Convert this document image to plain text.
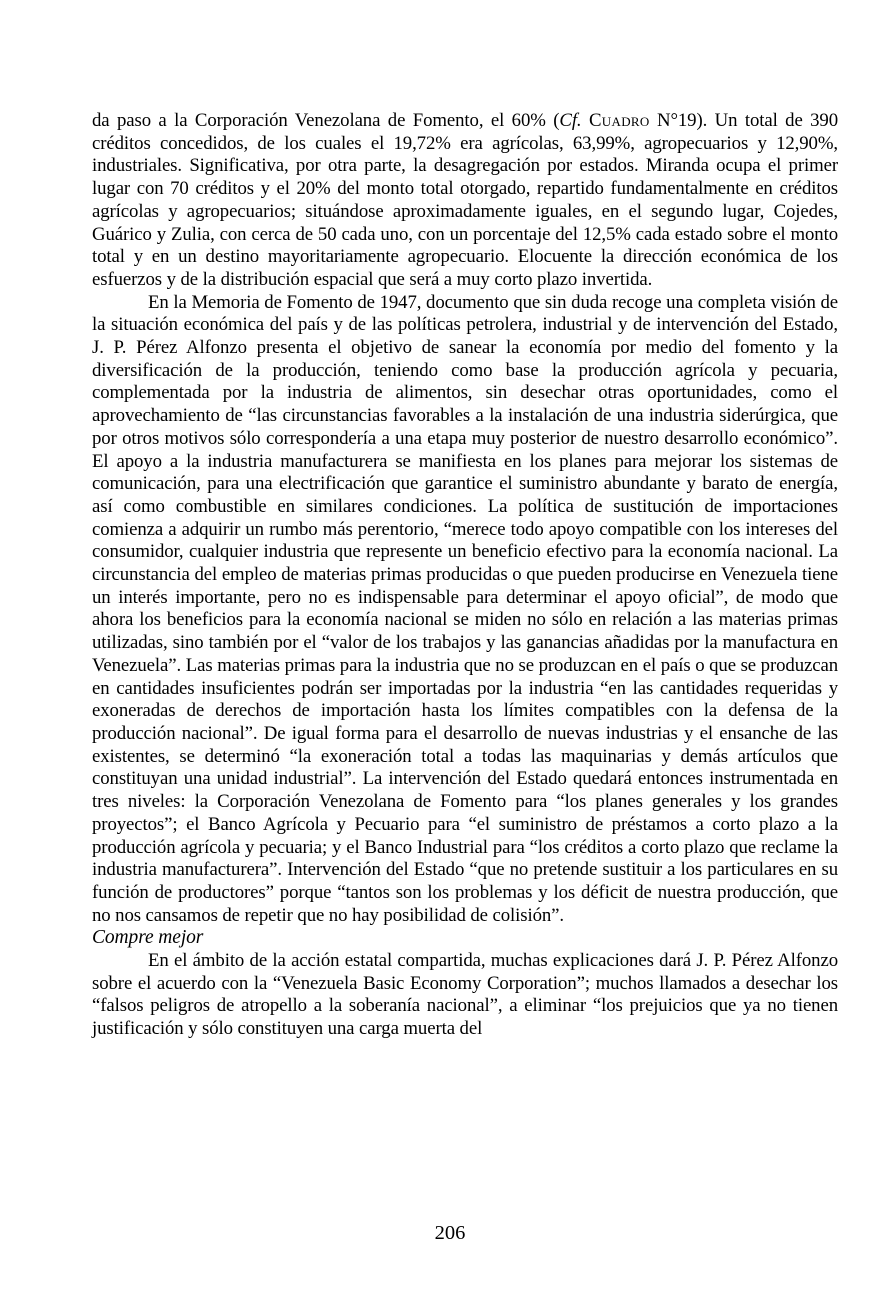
da paso a la Corporación Venezolana de Fomento, el 60% (Cf. Cuadro N°19). Un total de 390 créditos concedidos, de los cuales el 19,72% era agrícolas, 63,99%, agropecuarios y 12,90%, industriales. Significativa, por otra parte, la desagregación por estados. Miranda ocupa el primer lugar con 70 créditos y el 20% del monto total otorgado, repartido fundamentalmente en créditos agrícolas y agropecuarios; situándose aproximadamente iguales, en el segundo lugar, Cojedes, Guárico y Zulia, con cerca de 50 cada uno, con un porcentaje del 12,5% cada estado sobre el monto total y en un destino mayoritariamente agropecuario. Elocuente la dirección económica de los esfuerzos y de la distribución espacial que será a muy corto plazo invertida.

En la Memoria de Fomento de 1947, documento que sin duda recoge una completa visión de la situación económica del país y de las políticas petrolera, industrial y de intervención del Estado, J. P. Pérez Alfonzo presenta el objetivo de sanear la economía por medio del fomento y la diversificación de la producción, teniendo como base la producción agrícola y pecuaria, complementada por la industria de alimentos, sin desechar otras oportunidades, como el aprovechamiento de “las circunstancias favorables a la instalación de una industria siderúrgica, que por otros motivos sólo correspondería a una etapa muy posterior de nuestro desarrollo económico”. El apoyo a la industria manufacturera se manifiesta en los planes para mejorar los sistemas de comunicación, para una electrificación que garantice el suministro abundante y barato de energía, así como combustible en similares condiciones. La política de sustitución de importaciones comienza a adquirir un rumbo más perentorio, “merece todo apoyo compatible con los intereses del consumidor, cualquier industria que represente un beneficio efectivo para la economía nacional. La circunstancia del empleo de materias primas producidas o que pueden producirse en Venezuela tiene un interés importante, pero no es indispensable para determinar el apoyo oficial”, de modo que ahora los beneficios para la economía nacional se miden no sólo en relación a las materias primas utilizadas, sino también por el “valor de los trabajos y las ganancias añadidas por la manufactura en Venezuela”. Las materias primas para la industria que no se produzcan en el país o que se produzcan en cantidades insuficientes podrán ser importadas por la industria “en las cantidades requeridas y exoneradas de derechos de importación hasta los límites compatibles con la defensa de la producción nacional”. De igual forma para el desarrollo de nuevas industrias y el ensanche de las existentes, se determinó “la exoneración total a todas las maquinarias y demás artículos que constituyan una unidad industrial”. La intervención del Estado quedará entonces instrumentada en tres niveles: la Corporación Venezolana de Fomento para “los planes generales y los grandes proyectos”; el Banco Agrícola y Pecuario para “el suministro de préstamos a corto plazo a la producción agrícola y pecuaria; y el Banco Industrial para “los créditos a corto plazo que reclame la industria manufacturera”. Intervención del Estado “que no pretende sustituir a los particulares en su función de productores” porque “tantos son los problemas y los déficit de nuestra producción, que no nos cansamos de repetir que no hay posibilidad de colisión”.

Compre mejor

En el ámbito de la acción estatal compartida, muchas explicaciones dará J. P. Pérez Alfonzo sobre el acuerdo con la “Venezuela Basic Economy Corporation”; muchos llamados a desechar los “falsos peligros de atropello a la soberanía nacional”, a eliminar “los prejuicios que ya no tienen justificación y sólo constituyen una carga muerta del

206
